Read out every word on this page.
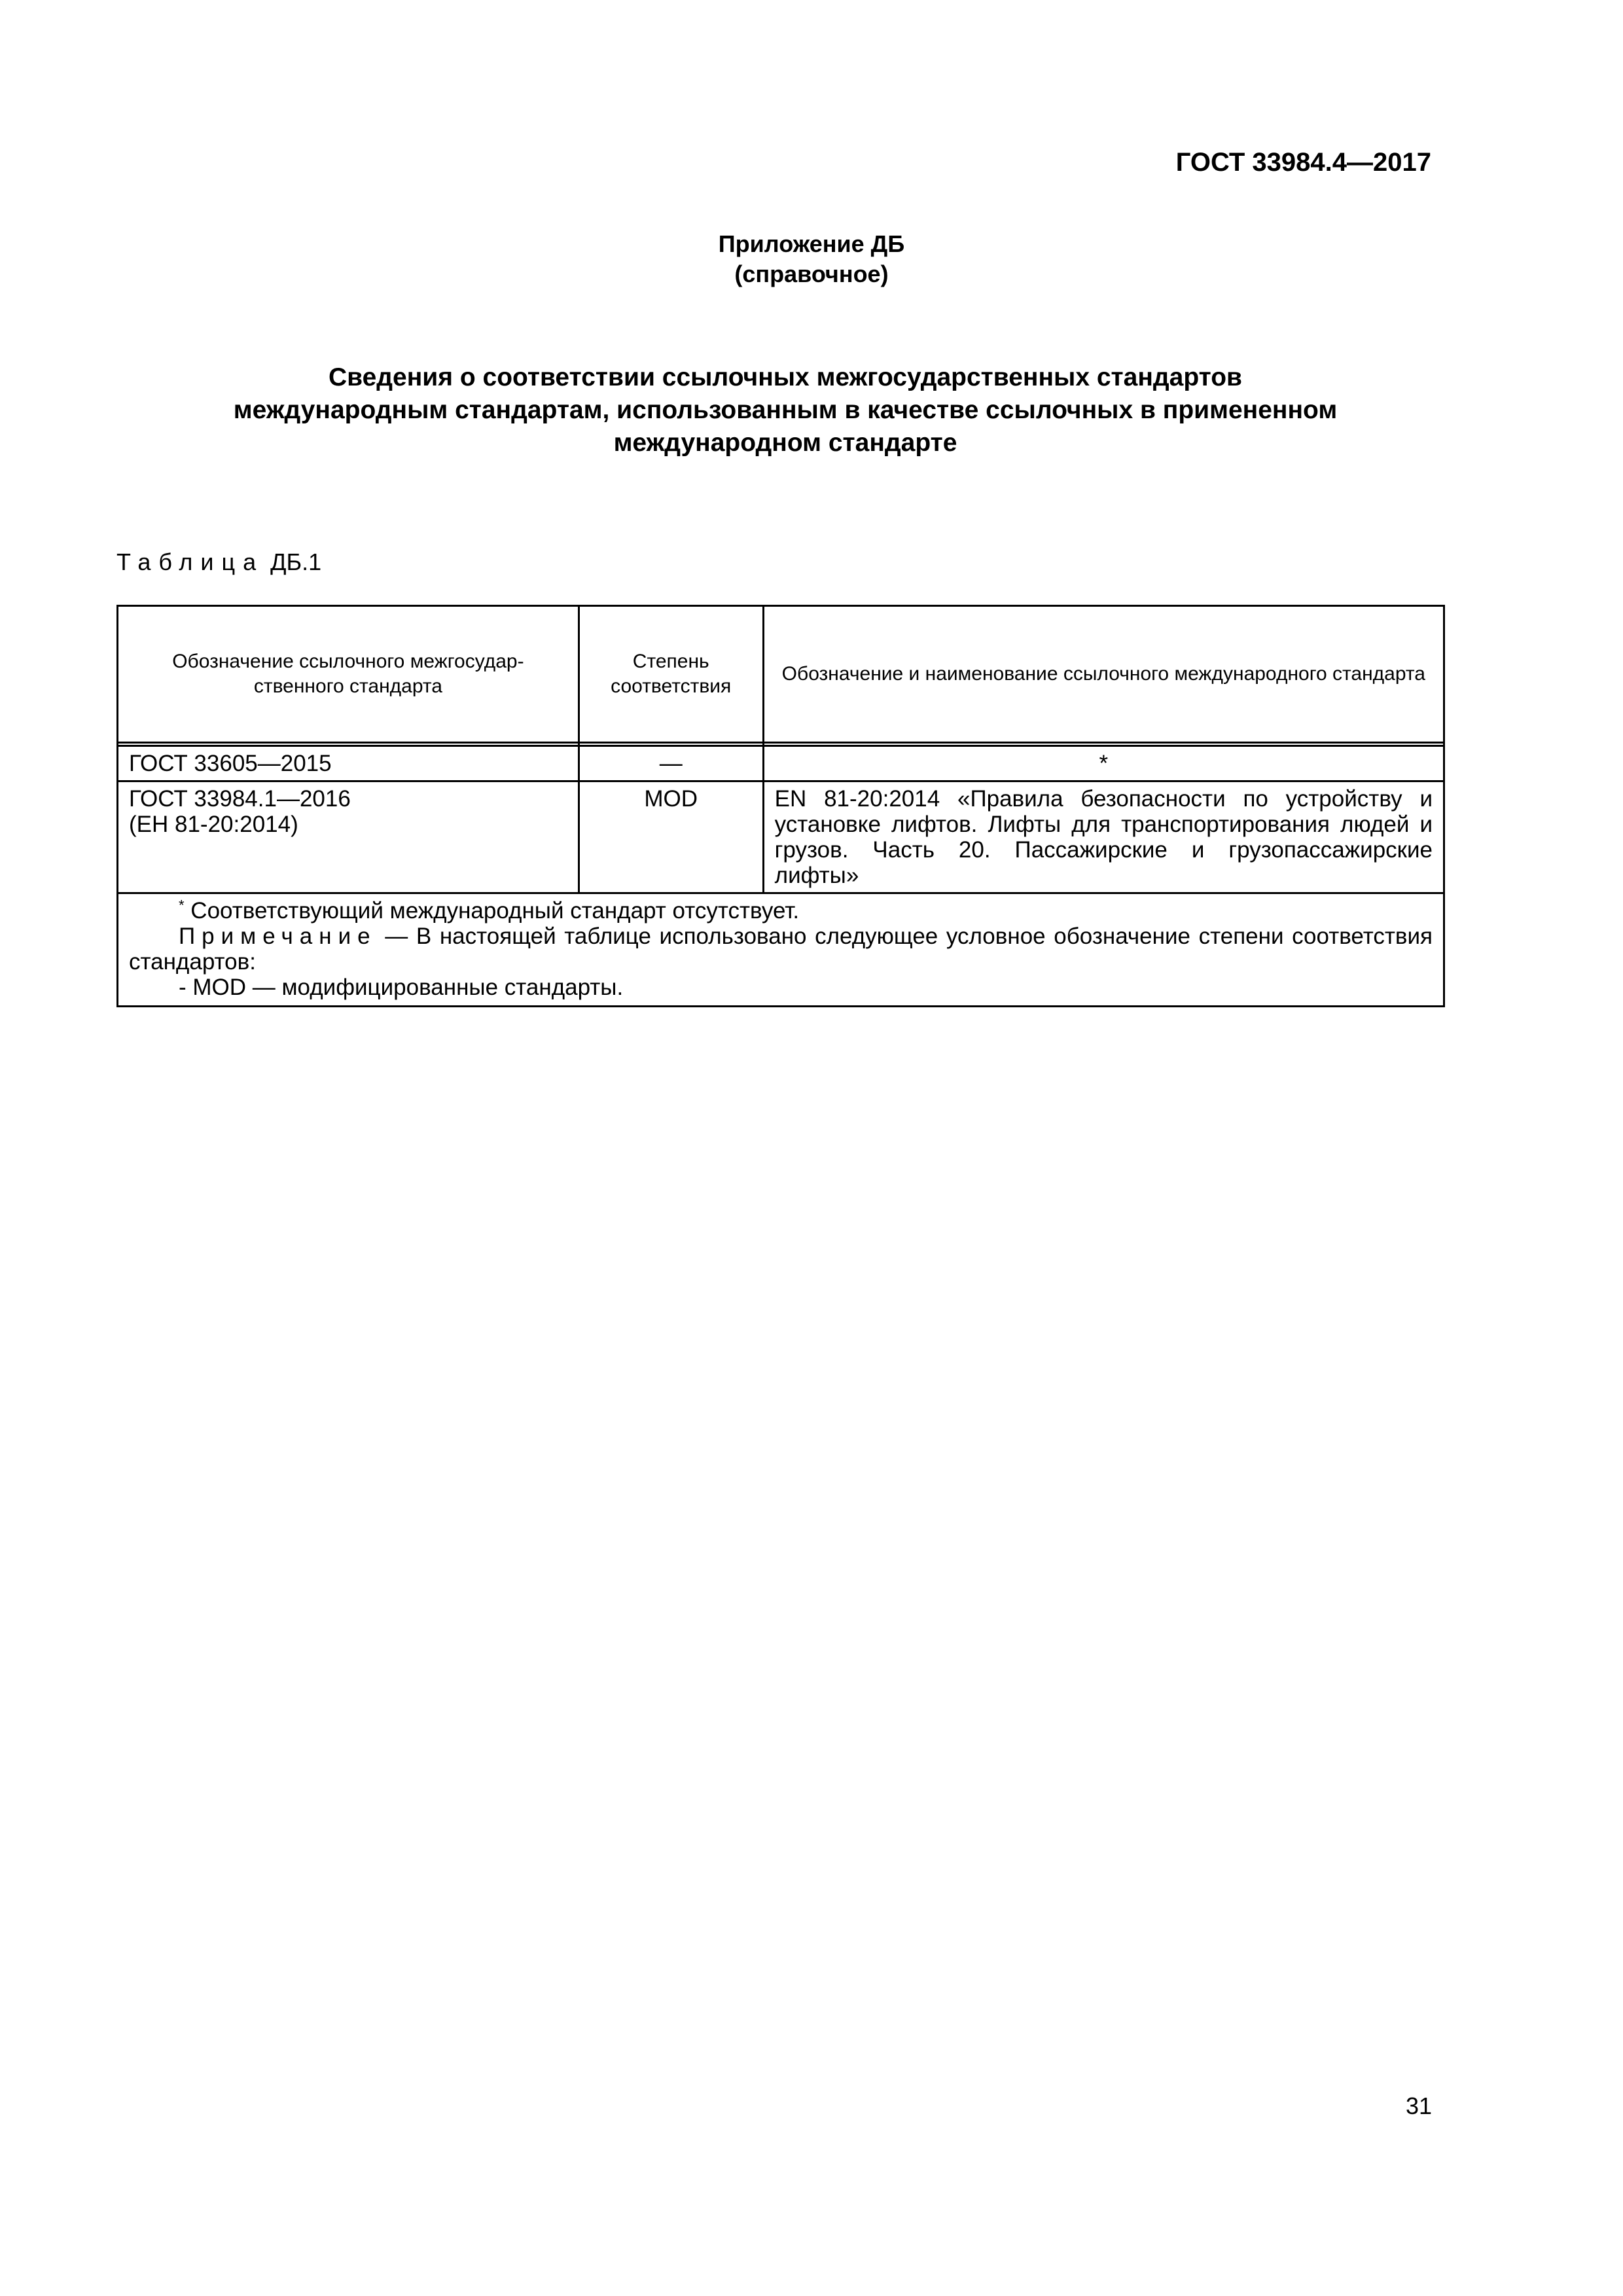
ГОСТ 33984.4—2017

Приложение ДБ
(справочное)
Сведения о соответствии ссылочных межгосударственных стандартов
международным стандартам, использованным в качестве ссылочных в примененном
международном стандарте

Таблица ДБ.1

Обозначение ссылочного межгосудар-ственного стандарта	Степень соответствия	Обозначение и наименование ссылочного международного стандарта

ГОСТ 33605—2015	—	*

ГОСТ 33984.1—2016
(ЕН 81-20:2014)	MOD	EN 81-20:2014 «Правила безопасности по устройству и установке лифтов. Лифты для транспортирования людей и грузов. Часть 20. Пассажирские и грузопассажирские лифты»

* Соответствующий международный стандарт отсутствует.

Примечание — В настоящей таблице использовано следующее условное обозначение степени соответствия стандартов:

- MOD — модифицированные стандарты.		

31
